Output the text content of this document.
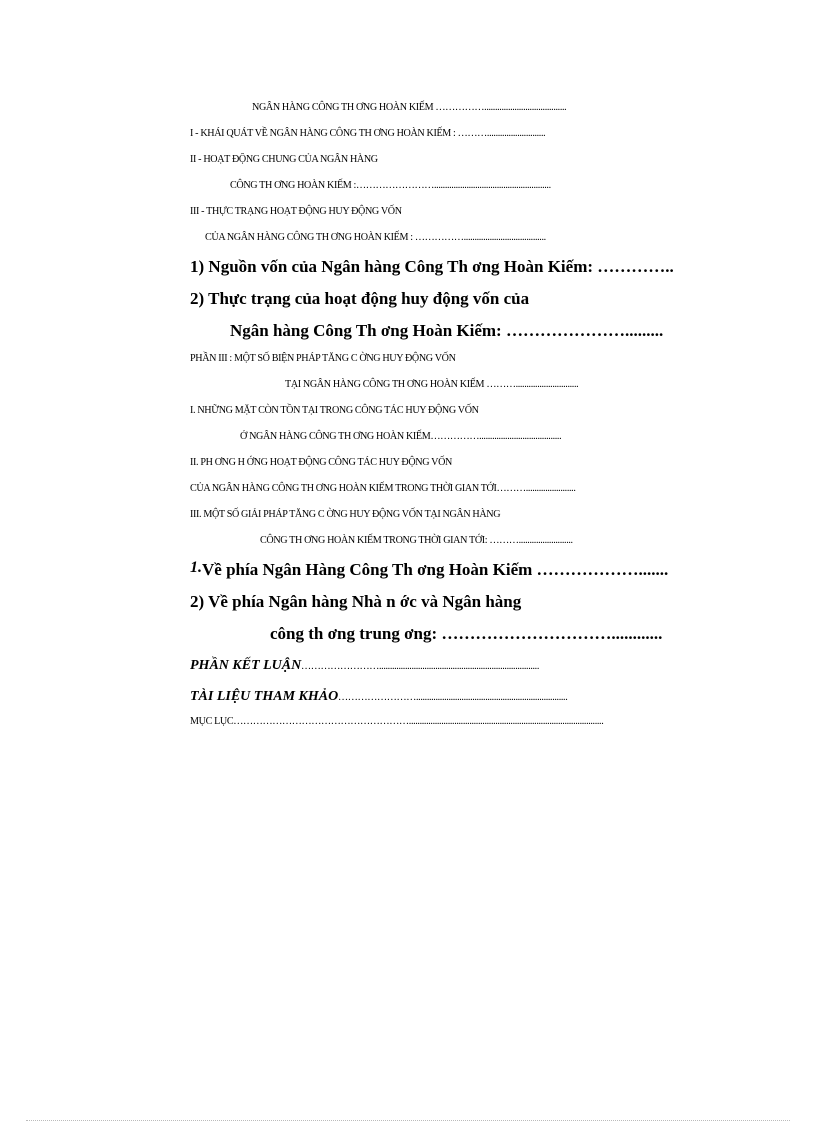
NGÂN HÀNG CÔNG TH ƠNG HOÀN KIẾM ……………......................................
I - KHÁI QUÁT VỀ NGÂN HÀNG CÔNG TH ƠNG HOÀN KIẾM : ………...........................
II - HOẠT ĐỘNG CHUNG CỦA NGÂN HÀNG
CÔNG TH ƠNG HOÀN KIẾM :……………………......................................................
III - THỰC TRẠNG HOẠT ĐỘNG HUY ĐỘNG VỐN
CỦA NGÂN HÀNG CÔNG TH ƠNG HOÀN KIẾM : ……………......................................
1) Nguồn vốn của Ngân hàng Công Th ơng Hoàn Kiếm: …………..
2) Thực trạng của hoạt động huy động vốn của
Ngân hàng Công Th ơng Hoàn Kiếm: ………………….........
PHẦN III : MỘT SỐ BIỆN PHÁP TĂNG C ỜNG HUY ĐỘNG VỐN
TẠI NGÂN HÀNG CÔNG TH ƠNG HOÀN KIẾM ……….............................
I. NHỮNG MẶT CÒN TỒN TẠI TRONG CÔNG TÁC HUY ĐỘNG VỐN
Ở NGÂN HÀNG CÔNG TH ƠNG HOÀN KIẾM……………......................................
II. PH ƠNG H ỚNG HOẠT ĐỘNG CÔNG TÁC HUY ĐỘNG VỐN
CỦA NGÂN HÀNG CÔNG TH ƠNG HOÀN KIẾM TRONG THỜI GIAN TỚI……….......................
III. MỘT SỐ GIẢI PHÁP TĂNG C ỜNG HUY ĐỘNG VỐN TẠI NGÂN HÀNG
CÔNG TH ƠNG HOÀN KIẾM TRONG THỜI GIAN TỚI: ……….........................
1.Về phía Ngân Hàng Công Th ơng Hoàn Kiếm ……………….......
2) Về phía Ngân hàng Nhà n ớc và Ngân hàng
công th ơng trung ơng: …………………………............
PHẦN KẾT LUẬN……………………..........................................................................
TÀI LIỆU THAM KHẢO……………………......................................................................
MỤC LỤC………………………………………………..........................................................................................
